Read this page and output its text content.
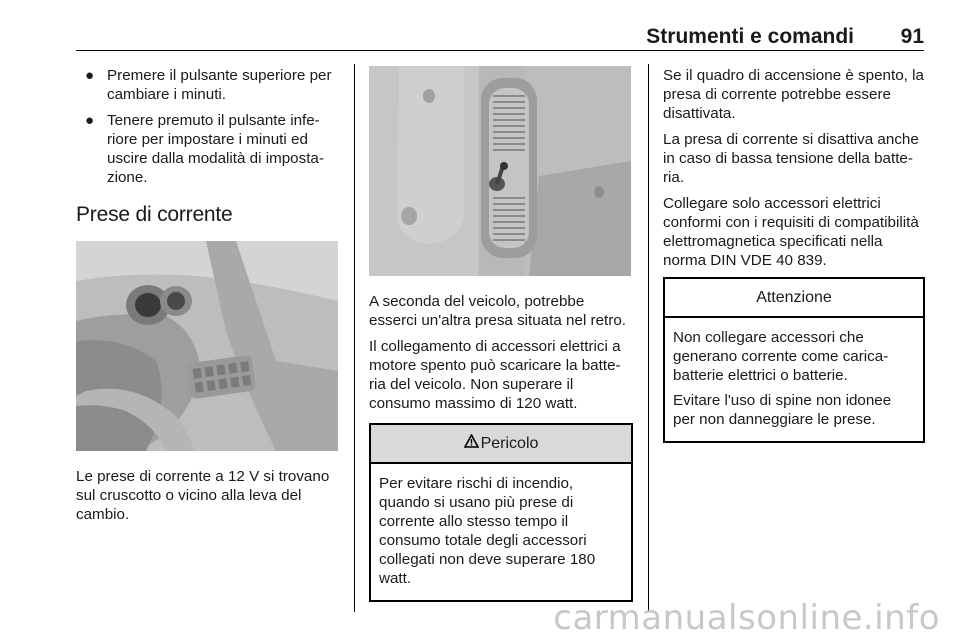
Strumenti e comandi 91
● Premere il pulsante superiore per cambiare i minuti.
● Tenere premuto il pulsante infe-riore per impostare i minuti ed uscire dalla modalità di imposta-zione.
Prese di corrente

Le prese di corrente a 12 V si trovano sul cruscotto o vicino alla leva del cambio.

A seconda del veicolo, potrebbe esserci un'altra presa situata nel retro.

Il collegamento di accessori elettrici a motore spento può scaricare la batte-ria del veicolo. Non superare il consumo massimo di 120 watt.

Pericolo

Per evitare rischi di incendio, quando si usano più prese di corrente allo stesso tempo il consumo totale degli accessori collegati non deve superare 180 watt.

Se il quadro di accensione è spento, la presa di corrente potrebbe essere disattivata.

La presa di corrente si disattiva anche in caso di bassa tensione della batte-ria.

Collegare solo accessori elettrici conformi con i requisiti di compatibilità elettromagnetica specificati nella norma DIN VDE 40 839.

Attenzione

Non collegare accessori che generano corrente come carica-batterie elettrici o batterie.

Evitare l'uso di spine non idonee per non danneggiare le prese.

carmanualsonline.info
